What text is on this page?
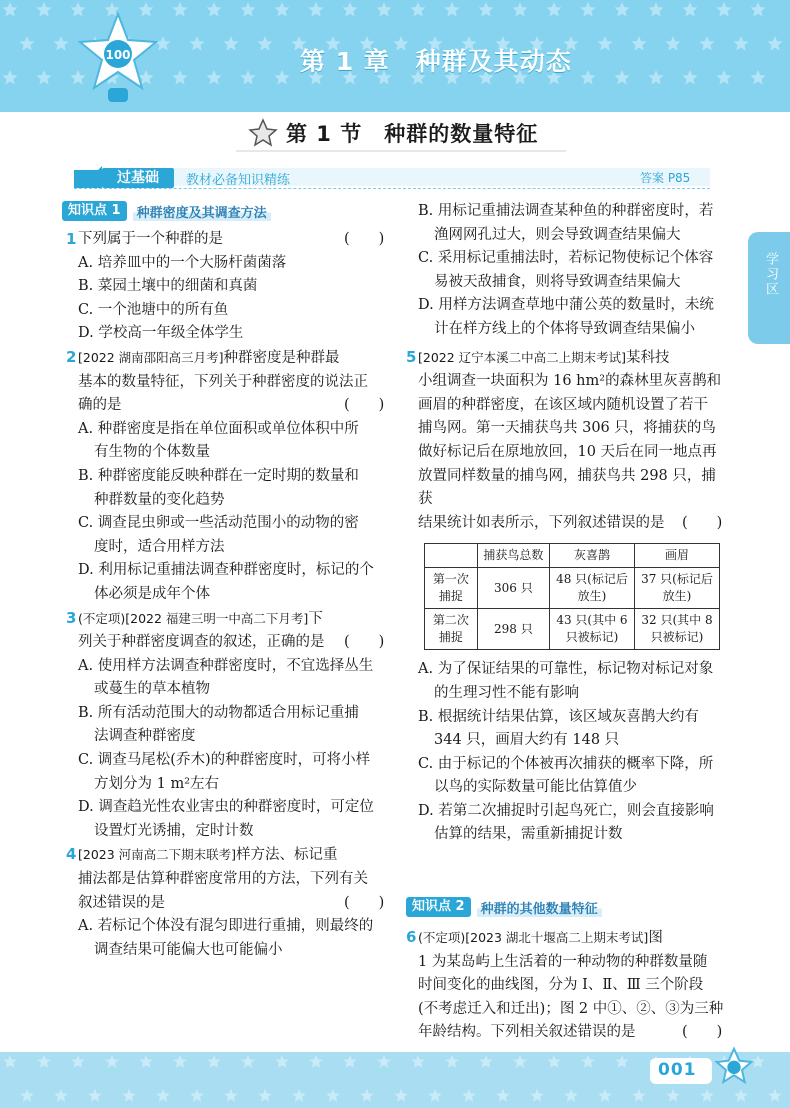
100	第 1 章　种群及其动态
第 1 节　种群的数量特征
过基础	教材必备知识精练	答案 P85
学习区
知识点 1	种群密度及其调查方法
1 下列属于一个种群的是	(　　)
A. 培养皿中的一个大肠杆菌菌落
B. 菜园土壤中的细菌和真菌
C. 一个池塘中的所有鱼
D. 学校高一年级全体学生
2 [2022 湖南邵阳高三月考]种群密度是种群最
基本的数量特征，下列关于种群密度的说法正
确的是	(　　)
A. 种群密度是指在单位面积或单位体积中所
有生物的个体数量
B. 种群密度能反映种群在一定时期的数量和
种群数量的变化趋势
C. 调查昆虫卵或一些活动范围小的动物的密
度时，适合用样方法
D. 利用标记重捕法调查种群密度时，标记的个
体必须是成年个体
3 (不定项)[2022 福建三明一中高二下月考]下
列关于种群密度调查的叙述，正确的是 (　　)
A. 使用样方法调查种群密度时，不宜选择丛生
或蔓生的草本植物
B. 所有活动范围大的动物都适合用标记重捕
法调查种群密度
C. 调查马尾松(乔木)的种群密度时，可将小样
方划分为 1 m²左右
D. 调查趋光性农业害虫的种群密度时，可定位
设置灯光诱捕，定时计数
4 [2023 河南高二下期末联考]样方法、标记重
捕法都是估算种群密度常用的方法，下列有关
叙述错误的是	(　　)
A. 若标记个体没有混匀即进行重捕，则最终的
调查结果可能偏大也可能偏小
B. 用标记重捕法调查某种鱼的种群密度时，若
渔网网孔过大，则会导致调查结果偏大
C. 采用标记重捕法时，若标记物使标记个体容
易被天敌捕食，则将导致调查结果偏大
D. 用样方法调查草地中蒲公英的数量时，未统
计在样方线上的个体将导致调查结果偏小
5 [2022 辽宁本溪二中高二上期末考试]某科技
小组调查一块面积为 16 hm²的森林里灰喜鹊和
画眉的种群密度，在该区域内随机设置了若干
捕鸟网。第一天捕获鸟共 306 只，将捕获的鸟
做好标记后在原地放回，10 天后在同一地点再
放置同样数量的捕鸟网，捕获鸟共 298 只，捕获
结果统计如表所示，下列叙述错误的是 (　　)
	捕获鸟总数	灰喜鹊	画眉
第一次捕捉	306 只	48 只(标记后放生)	37 只(标记后放生)
第二次捕捉	298 只	43 只(其中 6 只被标记)	32 只(其中 8 只被标记)
A. 为了保证结果的可靠性，标记物对标记对象
的生理习性不能有影响
B. 根据统计结果估算，该区域灰喜鹊大约有
344 只，画眉大约有 148 只
C. 由于标记的个体被再次捕获的概率下降，所
以鸟的实际数量可能比估算值少
D. 若第二次捕捉时引起鸟死亡，则会直接影响
估算的结果，需重新捕捉计数
知识点 2	种群的其他数量特征
6 (不定项)[2023 湖北十堰高二上期末考试]图
1 为某岛屿上生活着的一种动物的种群数量随
时间变化的曲线图，分为 Ⅰ、Ⅱ、Ⅲ 三个阶段
(不考虑迁入和迁出)；图 2 中①、②、③为三种
年龄结构。下列相关叙述错误的是	(　　)
001
